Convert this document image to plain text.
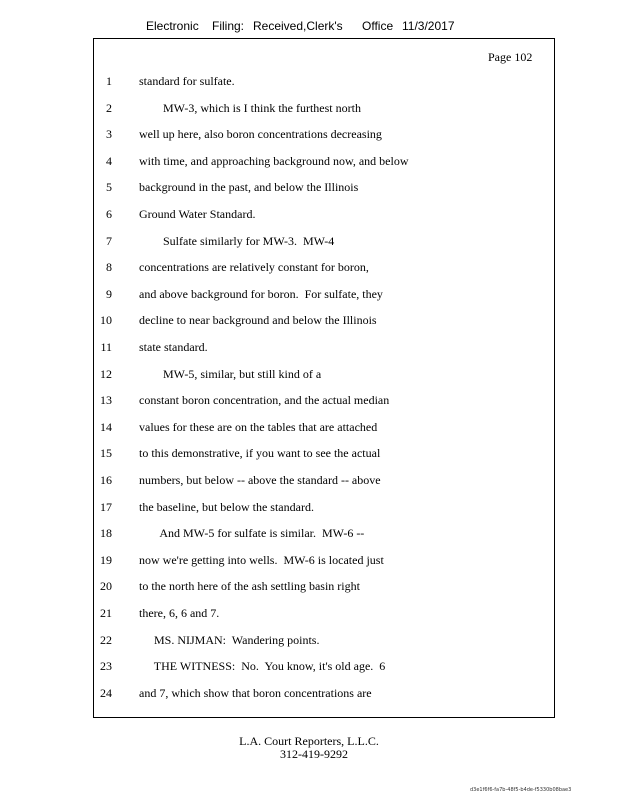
Electronic Filing: Received,Clerk's Office 11/3/2017
Page 102
1 standard for sulfate.
2 MW-3, which is I think the furthest north
3 well up here, also boron concentrations decreasing
4 with time, and approaching background now, and below
5 background in the past, and below the Illinois
6 Ground Water Standard.
7 Sulfate similarly for MW-3.  MW-4
8 concentrations are relatively constant for boron,
9 and above background for boron.  For sulfate, they
10 decline to near background and below the Illinois
11 state standard.
12 MW-5, similar, but still kind of a
13 constant boron concentration, and the actual median
14 values for these are on the tables that are attached
15 to this demonstrative, if you want to see the actual
16 numbers, but below -- above the standard -- above
17 the baseline, but below the standard.
18 And MW-5 for sulfate is similar.  MW-6 --
19 now we're getting into wells.  MW-6 is located just
20 to the north here of the ash settling basin right
21 there, 6, 6 and 7.
22 MS. NIJMAN:  Wandering points.
23 THE WITNESS:  No.  You know, it's old age.  6
24 and 7, which show that boron concentrations are
L.A. Court Reporters, L.L.C.
312-419-9292
d3e1f6f6-fa7b-48f5-b4de-f5330b08bae3
